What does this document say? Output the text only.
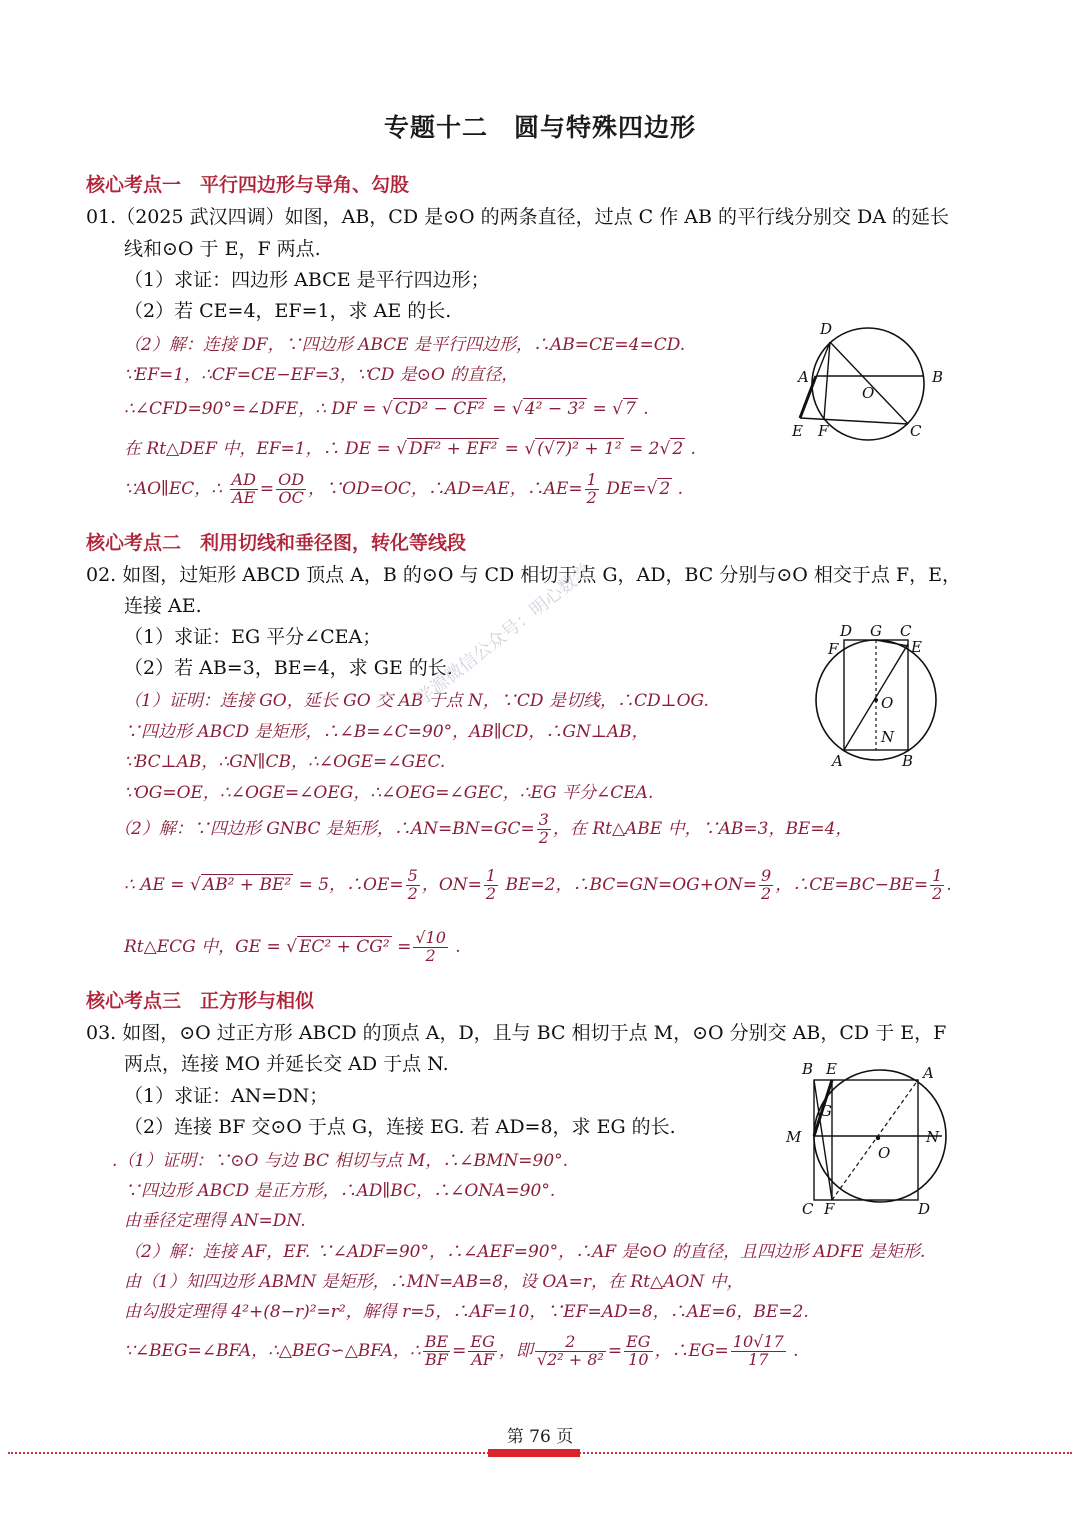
专题十二　圆与特殊四边形
核心考点一　平行四边形与导角、勾股
01.（2025 武汉四调）如图，AB，CD 是⊙O 的两条直径，过点 C 作 AB 的平行线分别交 DA 的延长
线和⊙O 于 E，F 两点.
（1）求证：四边形 ABCE 是平行四边形；
（2）若 CE=4，EF=1，求 AE 的长.
（2）解：连接 DF，∵四边形 ABCE 是平行四边形，∴AB=CE=4=CD.
∵EF=1，∴CF=CE−EF=3，∵CD 是⊙O 的直径，
∴∠CFD=90°=∠DFE，∴ DF = √ CD² − CF² = √ 4² − 3² = √ 7 .
在 Rt△DEF 中，EF=1，∴ DE = √ DF² + EF² = √ (√7)² + 1² = 2√ 2 .
∵AO∥EC，∴ $\frac{AD}{AE} = \frac{OD}{OC}$ ，∵OD=OC，∴AD=AE，∴AE= $\frac{1}{2} DE=√$ 2 .
D
A
O
B
E F	C
核心考点二　利用切线和垂径图，转化等线段
02. 如图，过矩形 ABCD 顶点 A，B 的⊙O 与 CD 相切于点 G，AD，BC 分别与⊙O 相交于点 F，E，
连接 AE.
（1）求证：EG 平分∠CEA；
（2）若 AB=3，BE=4，求 GE 的长.
（1）证明：连接 GO，延长 GO 交 AB 于点 N，∵CD 是切线，∴CD⊥OG.
∵四边形 ABCD 是矩形，∴∠B=∠C=90°，AB∥CD，∴GN⊥AB，
∵BC⊥AB，∴GN∥CB，∴∠OGE=∠GEC.
∵OG=OE，∴∠OGE=∠OEG，∴∠OEG=∠GEC，∴EG 平分∠CEA.
（2）解：∵四边形 GNBC 是矩形，∴AN=BN=GC= $\frac{3}{2}$ ，在 Rt△ABE 中，∵AB=3，BE=4，
∴ AE = √ AB² + BE² = 5，∴OE= $\frac{5}{2}$ ，$ON= \frac{1}{2} BE=2$，∴BC=GN=OG+ON= $\frac{9}{2}$ ，∴CE=BC−BE= $\frac{1}{2}$ .
Rt△ECG 中，GE = √ $EC^2 + CG^2 = \frac{√10}{2}$ .
D G C
F	E
O
N
A	B
学源微信公众号：明心数学
核心考点三　正方形与相似
03. 如图，⊙O 过正方形 ABCD 的顶点 A，D，且与 BC 相切于点 M，⊙O 分别交 AB，CD 于 E，F
两点，连接 MO 并延长交 AD 于点 N.
（1）求证：AN=DN；
（2）连接 BF 交⊙O 于点 G，连接 EG. 若 AD=8，求 EG 的长.
.（1）证明：∵⊙O 与边 BC 相切与点 M，∴∠BMN=90°.
∵四边形 ABCD 是正方形，∴AD∥BC，∴∠ONA=90°.
由垂径定理得 AN=DN.
（2）解：连接 AF，EF. ∵∠ADF=90°，∴∠AEF=90°，∴AF 是⊙O 的直径，且四边形 ADFE 是矩形.
由（1）知四边形 ABMN 是矩形，∴MN=AB=8，设 OA=r，在 Rt△AON 中，
由勾股定理得 4²+(8−r)²=r²，解得 r=5，∴AF=10，∵EF=AD=8，∴AE=6，BE=2.
∵∠BEG=∠BFA，∴△BEG∽△BFA，∴ $\frac{BE}{BF} = \frac{EG}{AF}$ ，即 $\frac{2}{\text{√2² + 8²}} = \frac{EG}{10}$ ，∴EG= $\frac{10√17}{17}$ .
B E	A
G
M	N
O
C F	D
第 76 页
